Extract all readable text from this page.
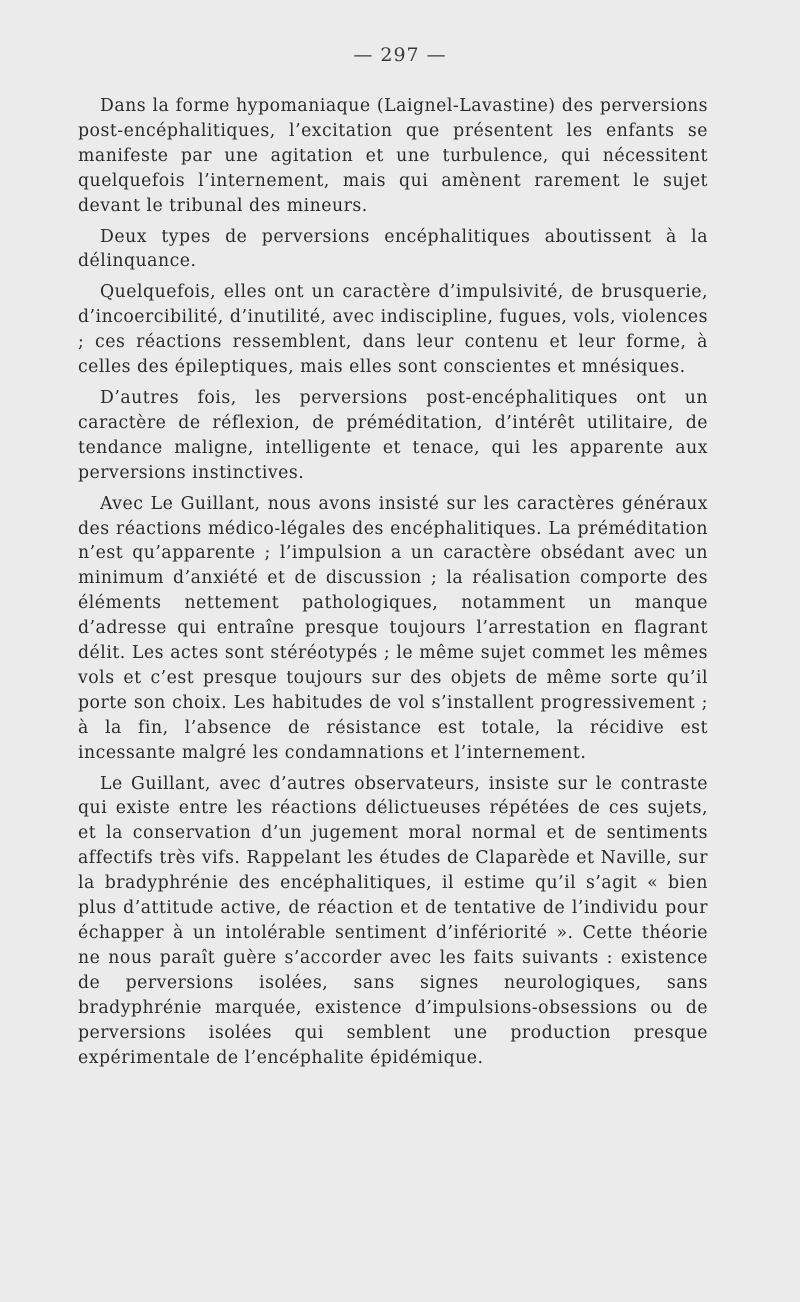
— 297 —

Dans la forme hypomaniaque (Laignel-Lavastine) des perversions post-encéphalitiques, l’excitation que présentent les enfants se manifeste par une agitation et une turbulence, qui nécessitent quelquefois l’internement, mais qui amènent rarement le sujet devant le tribunal des mineurs.

Deux types de perversions encéphalitiques aboutissent à la délinquance.

Quelquefois, elles ont un caractère d’impulsivité, de brusquerie, d’incoercibilité, d’inutilité, avec indiscipline, fugues, vols, violences ; ces réactions ressemblent, dans leur contenu et leur forme, à celles des épileptiques, mais elles sont conscientes et mnésiques.

D’autres fois, les perversions post-encéphalitiques ont un caractère de réflexion, de préméditation, d’intérêt utilitaire, de tendance maligne, intelligente et tenace, qui les apparente aux perversions instinctives.

Avec Le Guillant, nous avons insisté sur les caractères généraux des réactions médico-légales des encéphalitiques. La préméditation n’est qu’apparente ; l’impulsion a un caractère obsédant avec un minimum d’anxiété et de discussion ; la réalisation comporte des éléments nettement pathologiques, notamment un manque d’adresse qui entraîne presque toujours l’arrestation en flagrant délit. Les actes sont stéréotypés ; le même sujet commet les mêmes vols et c’est presque toujours sur des objets de même sorte qu’il porte son choix. Les habitudes de vol s’installent progressivement ; à la fin, l’absence de résistance est totale, la récidive est incessante malgré les condamnations et l’internement.

Le Guillant, avec d’autres observateurs, insiste sur le contraste qui existe entre les réactions délictueuses répétées de ces sujets, et la conservation d’un jugement moral normal et de sentiments affectifs très vifs. Rappelant les études de Claparède et Naville, sur la bradyphrénie des encéphalitiques, il estime qu’il s’agit « bien plus d’attitude active, de réaction et de tentative de l’individu pour échapper à un intolérable sentiment d’infériorité ». Cette théorie ne nous paraît guère s’accorder avec les faits suivants : existence de perversions isolées, sans signes neurologiques, sans bradyphrénie marquée, existence d’impulsions-obsessions ou de perversions isolées qui semblent une production presque expérimentale de l’encéphalite épidémique.
